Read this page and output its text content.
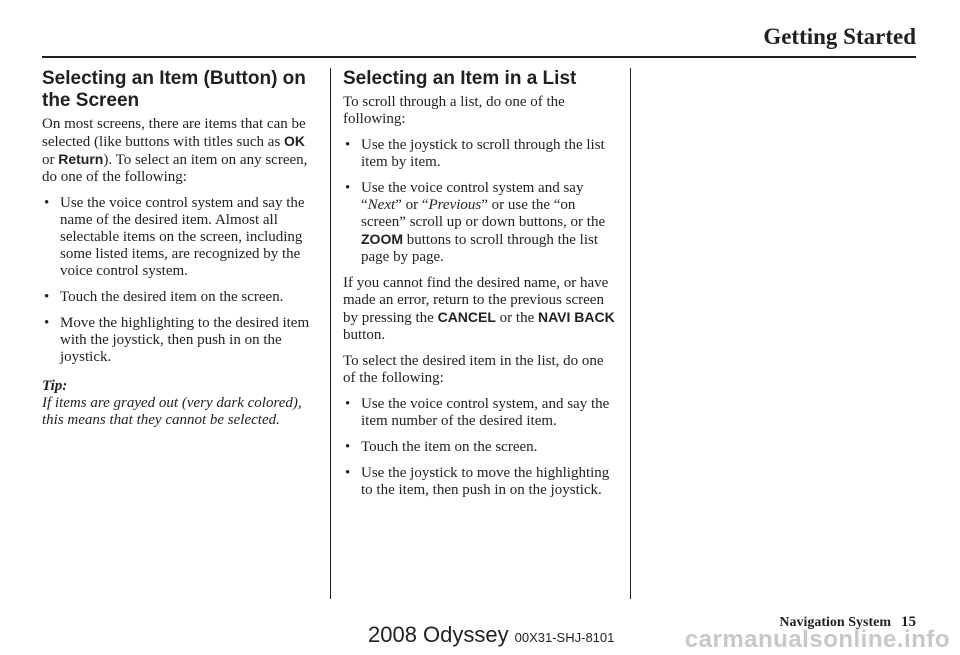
Getting Started
Selecting an Item (Button) on the Screen

On most screens, there are items that can be selected (like buttons with titles such as OK or Return). To select an item on any screen, do one of the following:

• Use the voice control system and say the name of the desired item. Almost all selectable items on the screen, including some listed items, are recognized by the voice control system.
• Touch the desired item on the screen.
• Move the highlighting to the desired item with the joystick, then push in on the joystick.

Tip:

If items are grayed out (very dark colored), this means that they cannot be selected.

Selecting an Item in a List

To scroll through a list, do one of the following:

• Use the joystick to scroll through the list item by item.
• Use the voice control system and say “Next” or “Previous” or use the “on screen” scroll up or down buttons, or the ZOOM buttons to scroll through the list page by page.

If you cannot find the desired name, or have made an error, return to the previous screen by pressing the CANCEL or the NAVI BACK button.

To select the desired item in the list, do one of the following:

• Use the voice control system, and say the item number of the desired item.
• Touch the item on the screen.
• Use the joystick to move the highlighting to the item, then push in on the joystick.
Navigation System 15
2008 Odyssey 00X31-SHJ-8101	carmanualsonline.info
